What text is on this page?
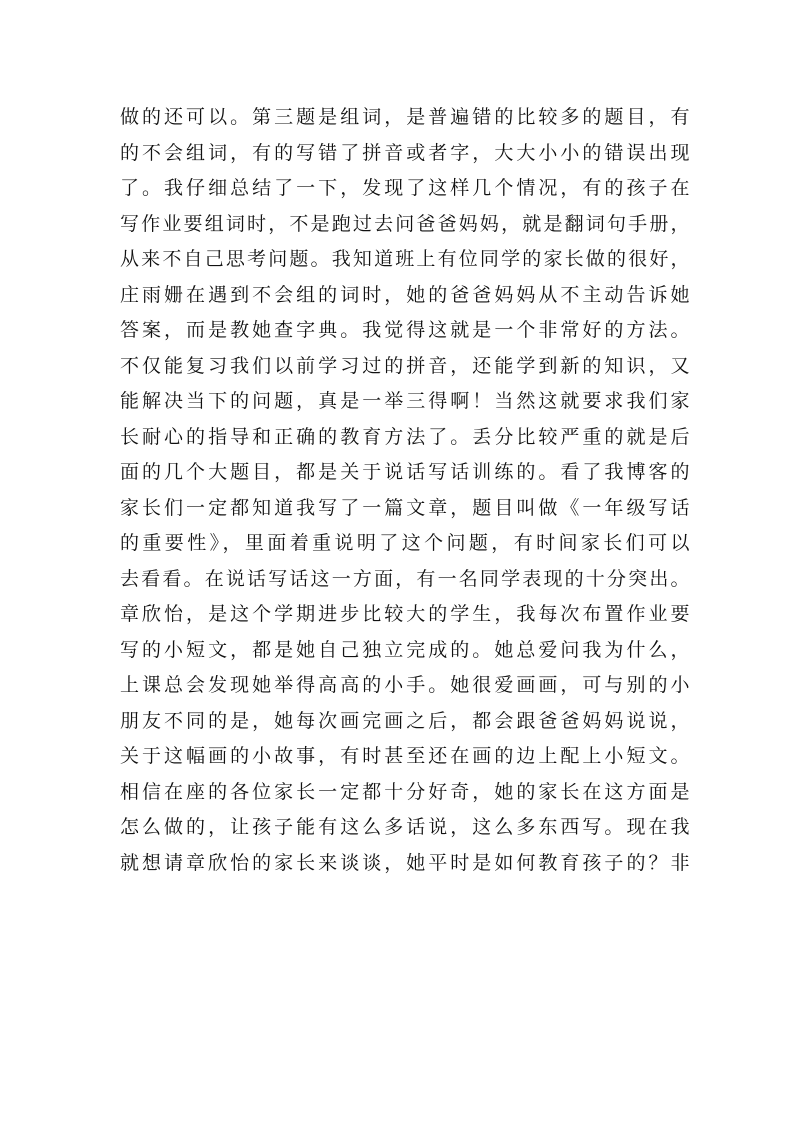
做的还可以。第三题是组词，是普遍错的比较多的题目，有
的不会组词，有的写错了拼音或者字，大大小小的错误出现
了。我仔细总结了一下，发现了这样几个情况，有的孩子在
写作业要组词时，不是跑过去问爸爸妈妈，就是翻词句手册，
从来不自己思考问题。我知道班上有位同学的家长做的很好，
庄雨姗在遇到不会组的词时，她的爸爸妈妈从不主动告诉她
答案，而是教她查字典。我觉得这就是一个非常好的方法。
不仅能复习我们以前学习过的拼音，还能学到新的知识，又
能解决当下的问题，真是一举三得啊！当然这就要求我们家
长耐心的指导和正确的教育方法了。丢分比较严重的就是后
面的几个大题目，都是关于说话写话训练的。看了我博客的
家长们一定都知道我写了一篇文章，题目叫做《一年级写话
的重要性》，里面着重说明了这个问题，有时间家长们可以
去看看。在说话写话这一方面，有一名同学表现的十分突出。
章欣怡，是这个学期进步比较大的学生，我每次布置作业要
写的小短文，都是她自己独立完成的。她总爱问我为什么，
上课总会发现她举得高高的小手。她很爱画画，可与别的小
朋友不同的是，她每次画完画之后，都会跟爸爸妈妈说说，
关于这幅画的小故事，有时甚至还在画的边上配上小短文。
相信在座的各位家长一定都十分好奇，她的家长在这方面是
怎么做的，让孩子能有这么多话说，这么多东西写。现在我
就想请章欣怡的家长来谈谈，她平时是如何教育孩子的？非
